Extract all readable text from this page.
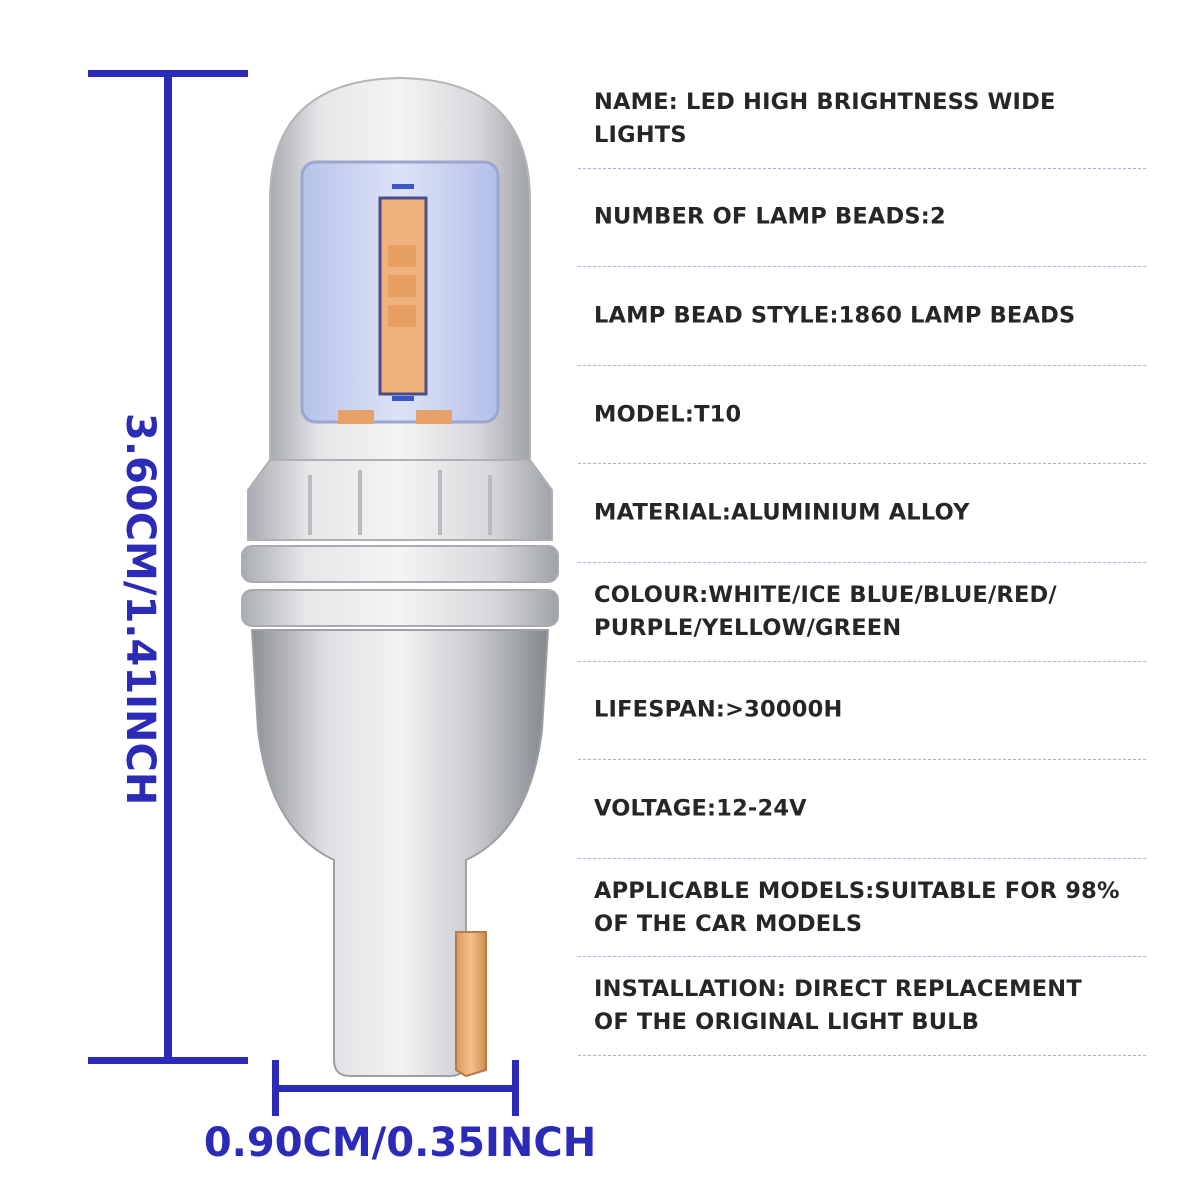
3.60CM/1.41INCH
0.90CM/0.35INCH
NAME: LED HIGH BRIGHTNESS WIDE LIGHTS
NUMBER OF LAMP BEADS:2
LAMP BEAD STYLE:1860 LAMP BEADS
MODEL:T10
MATERIAL:ALUMINIUM ALLOY
COLOUR:WHITE/ICE BLUE/BLUE/RED/
PURPLE/YELLOW/GREEN
LIFESPAN:>30000H
VOLTAGE:12-24V
APPLICABLE MODELS:SUITABLE FOR 98%
OF THE CAR MODELS
INSTALLATION: DIRECT REPLACEMENT
OF THE ORIGINAL LIGHT BULB
